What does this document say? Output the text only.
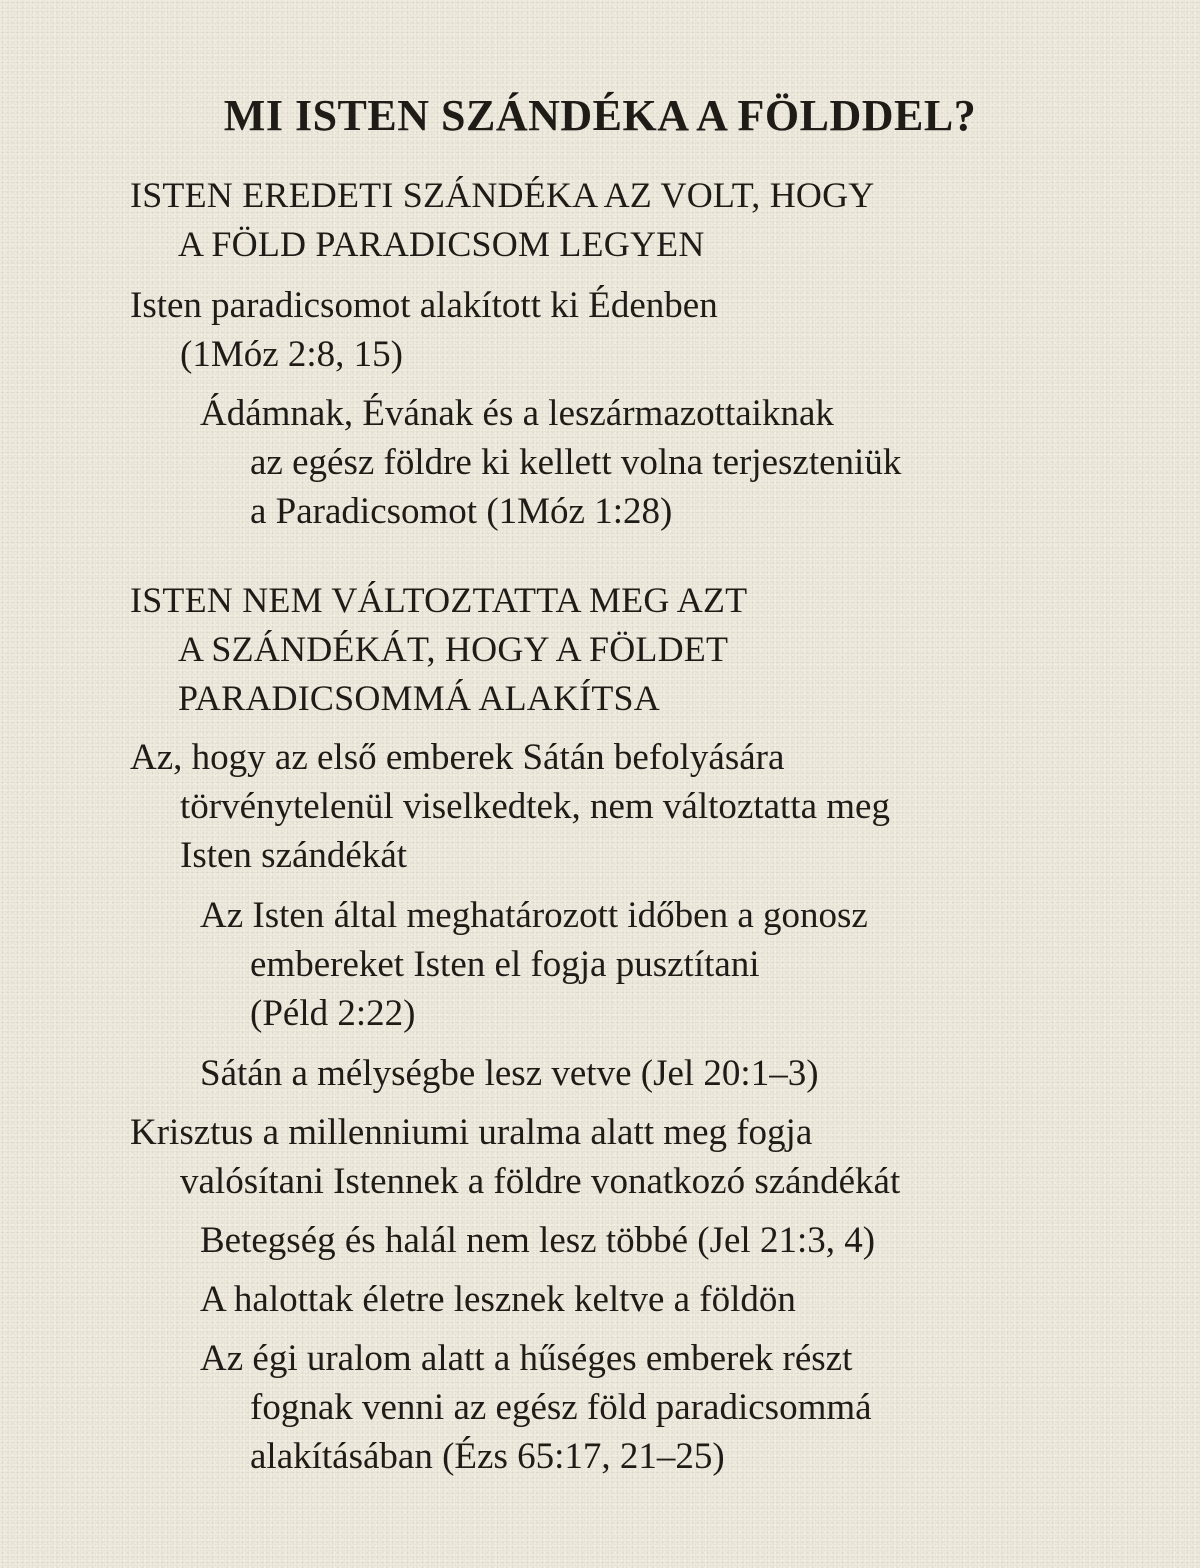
MI ISTEN SZÁNDÉKA A FÖLDDEL?
ISTEN EREDETI SZÁNDÉKA AZ VOLT, HOGY
A FÖLD PARADICSOM LEGYEN
Isten paradicsomot alakított ki Édenben
(1Móz 2:8, 15)
Ádámnak, Évának és a leszármazottaiknak
az egész földre ki kellett volna terjeszteniük
a Paradicsomot (1Móz 1:28)
ISTEN NEM VÁLTOZTATTA MEG AZT
A SZÁNDÉKÁT, HOGY A FÖLDET
PARADICSOMMÁ ALAKÍTSA
Az, hogy az első emberek Sátán befolyására
törvénytelenül viselkedtek, nem változtatta meg
Isten szándékát
Az Isten által meghatározott időben a gonosz
embereket Isten el fogja pusztítani
(Péld 2:22)
Sátán a mélységbe lesz vetve (Jel 20:1–3)
Krisztus a millenniumi uralma alatt meg fogja
valósítani Istennek a földre vonatkozó szándékát
Betegség és halál nem lesz többé (Jel 21:3, 4)
A halottak életre lesznek keltve a földön
Az égi uralom alatt a hűséges emberek részt
fognak venni az egész föld paradicsommá
alakításában (Ézs 65:17, 21–25)
